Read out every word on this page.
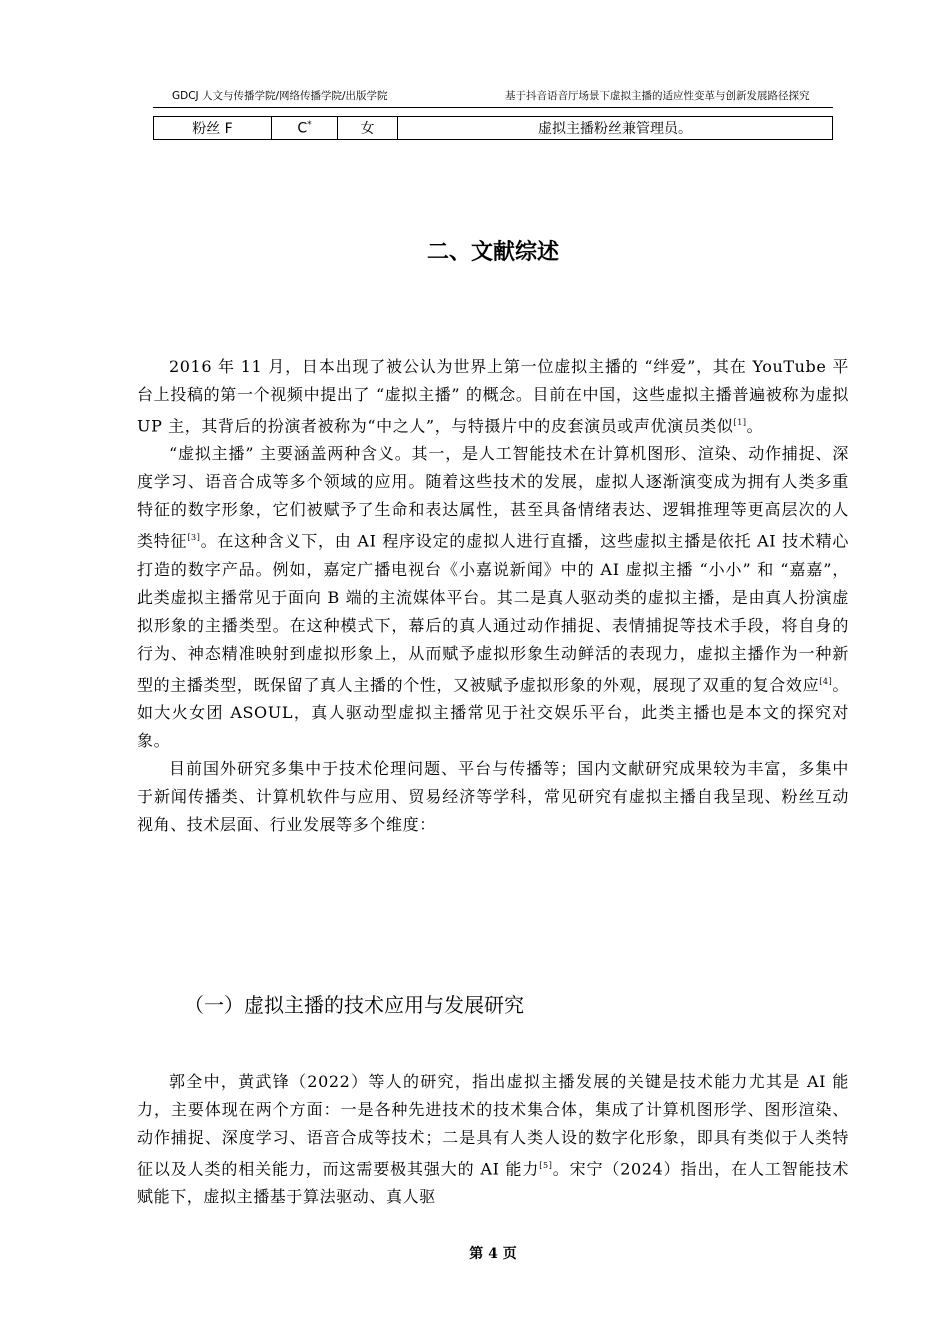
GDCJ 人文与传播学院/网络传播学院/出版学院	基于抖音语音厅场景下虚拟主播的适应性变革与创新发展路径探究
粉丝 F	C*	女	虚拟主播粉丝兼管理员。
二、文献综述

2016 年 11 月，日本出现了被公认为世界上第一位虚拟主播的 “绊爱”，其在 YouTube 平台上投稿的第一个视频中提出了 “虚拟主播” 的概念。目前在中国，这些虚拟主播普遍被称为虚拟 UP 主，其背后的扮演者被称为“中之人”，与特摄片中的皮套演员或声优演员类似[1]。

“虚拟主播” 主要涵盖两种含义。其一，是人工智能技术在计算机图形、渲染、动作捕捉、深度学习、语音合成等多个领域的应用。随着这些技术的发展，虚拟人逐渐演变成为拥有人类多重特征的数字形象，它们被赋予了生命和表达属性，甚至具备情绪表达、逻辑推理等更高层次的人类特征[3]。在这种含义下，由 AI 程序设定的虚拟人进行直播，这些虚拟主播是依托 AI 技术精心打造的数字产品。例如，嘉定广播电视台《小嘉说新闻》中的 AI 虚拟主播 “小小” 和 “嘉嘉”，此类虚拟主播常见于面向 B 端的主流媒体平台。其二是真人驱动类的虚拟主播，是由真人扮演虚拟形象的主播类型。在这种模式下，幕后的真人通过动作捕捉、表情捕捉等技术手段，将自身的行为、神态精准映射到虚拟形象上，从而赋予虚拟形象生动鲜活的表现力，虚拟主播作为一种新型的主播类型，既保留了真人主播的个性，又被赋予虚拟形象的外观，展现了双重的复合效应[4]。如大火女团 ASOUL，真人驱动型虚拟主播常见于社交娱乐平台，此类主播也是本文的探究对象。

目前国外研究多集中于技术伦理问题、平台与传播等；国内文献研究成果较为丰富，多集中于新闻传播类、计算机软件与应用、贸易经济等学科，常见研究有虚拟主播自我呈现、粉丝互动视角、技术层面、行业发展等多个维度：

（一）虚拟主播的技术应用与发展研究

郭全中，黄武锋（2022）等人的研究，指出虚拟主播发展的关键是技术能力尤其是 AI 能力，主要体现在两个方面：一是各种先进技术的技术集合体，集成了计算机图形学、图形渲染、动作捕捉、深度学习、语音合成等技术；二是具有人类人设的数字化形象，即具有类似于人类特征以及人类的相关能力，而这需要极其强大的 AI 能力[5]。宋宁（2024）指出，在人工智能技术赋能下，虚拟主播基于算法驱动、真人驱

第 4 页
